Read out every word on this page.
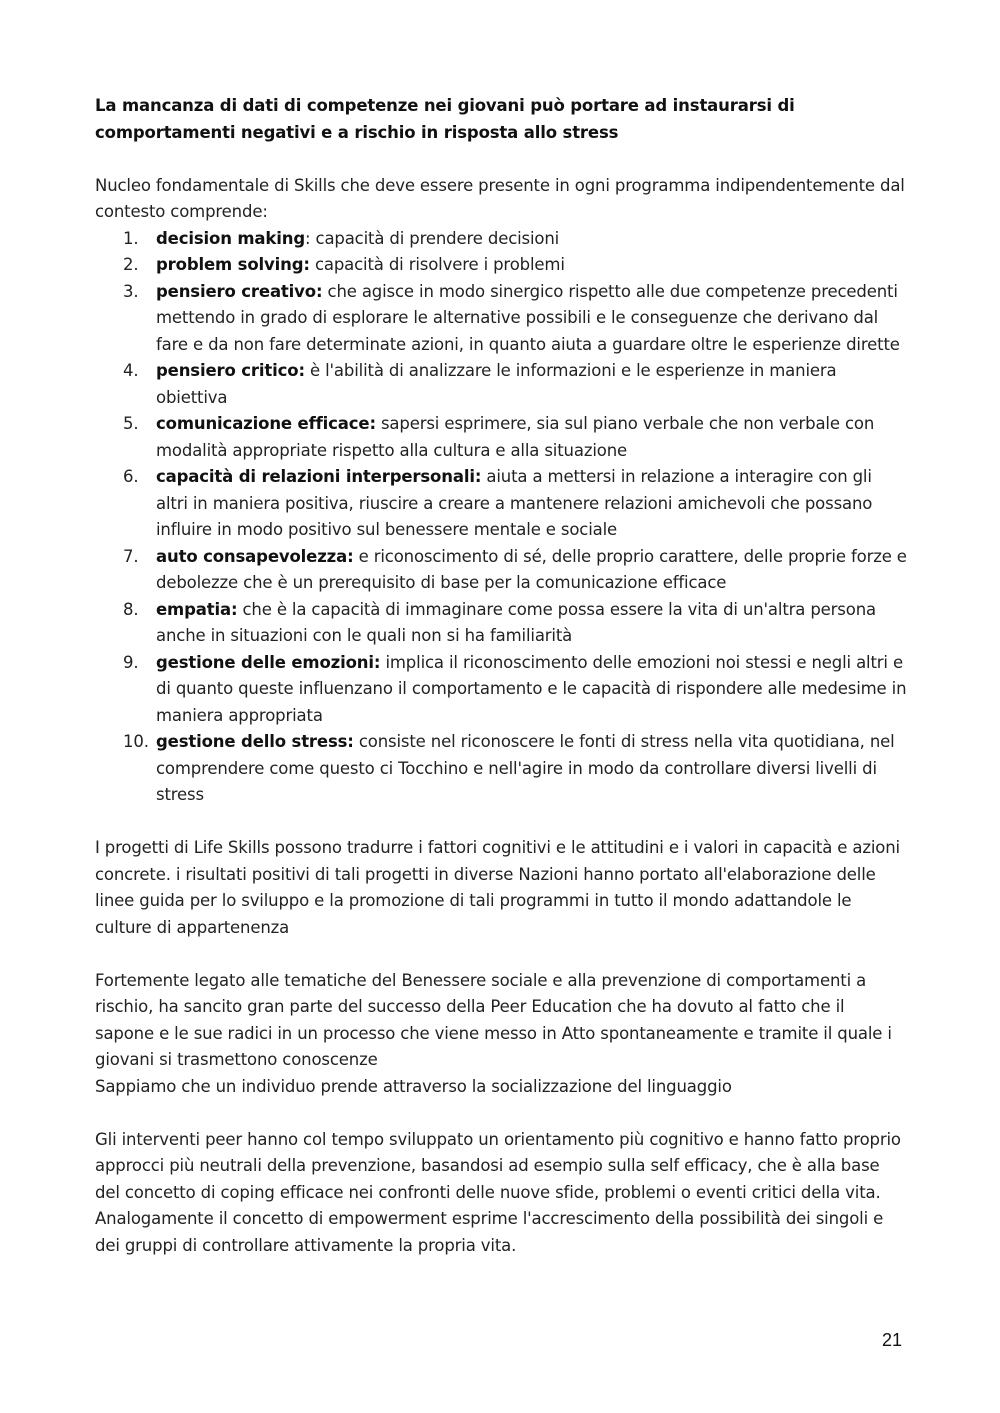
La mancanza di dati di competenze nei giovani può portare ad instaurarsi di comportamenti negativi e a rischio in risposta allo stress

Nucleo fondamentale di Skills che deve essere presente in ogni programma indipendentemente dal contesto comprende:

1. decision making: capacità di prendere decisioni
2. problem solving: capacità di risolvere i problemi
3. pensiero creativo: che agisce in modo sinergico rispetto alle due competenze precedenti mettendo in grado di esplorare le alternative possibili e le conseguenze che derivano dal fare e da non fare determinate azioni, in quanto aiuta a guardare oltre le esperienze dirette
4. pensiero critico: è l'abilità di analizzare le informazioni e le esperienze in maniera obiettiva
5. comunicazione efficace: sapersi esprimere, sia sul piano verbale che non verbale con modalità appropriate rispetto alla cultura e alla situazione
6. capacità di relazioni interpersonali: aiuta a mettersi in relazione a interagire con gli altri in maniera positiva, riuscire a creare a mantenere relazioni amichevoli che possano influire in modo positivo sul benessere mentale e sociale
7. auto consapevolezza: e riconoscimento di sé, delle proprio carattere, delle proprie forze e debolezze che è un prerequisito di base per la comunicazione efficace
8. empatia: che è la capacità di immaginare come possa essere la vita di un'altra persona anche in situazioni con le quali non si ha familiarità
9. gestione delle emozioni: implica il riconoscimento delle emozioni noi stessi e negli altri e di quanto queste influenzano il comportamento e le capacità di rispondere alle medesime in maniera appropriata
10. gestione dello stress: consiste nel riconoscere le fonti di stress nella vita quotidiana, nel comprendere come questo ci Tocchino e nell'agire in modo da controllare diversi livelli di stress

I progetti di Life Skills possono tradurre i fattori cognitivi e le attitudini e i valori in capacità e azioni concrete. i risultati positivi di tali progetti in diverse Nazioni hanno portato all'elaborazione delle linee guida per lo sviluppo e la promozione di tali programmi in tutto il mondo adattandole le culture di appartenenza

Fortemente legato alle tematiche del Benessere sociale e alla prevenzione di comportamenti a rischio, ha sancito gran parte del successo della Peer Education che ha dovuto al fatto che il sapone e le sue radici in un processo che viene messo in Atto spontaneamente e tramite il quale i giovani si trasmettono conoscenze

Sappiamo che un individuo prende attraverso la socializzazione del linguaggio

Gli interventi peer hanno col tempo sviluppato un orientamento più cognitivo e hanno fatto proprio approcci più neutrali della prevenzione, basandosi ad esempio sulla self efficacy, che è alla base del concetto di coping efficace nei confronti delle nuove sfide, problemi o eventi critici della vita.

Analogamente il concetto di empowerment esprime l'accrescimento della possibilità dei singoli e dei gruppi di controllare attivamente la propria vita.

21
